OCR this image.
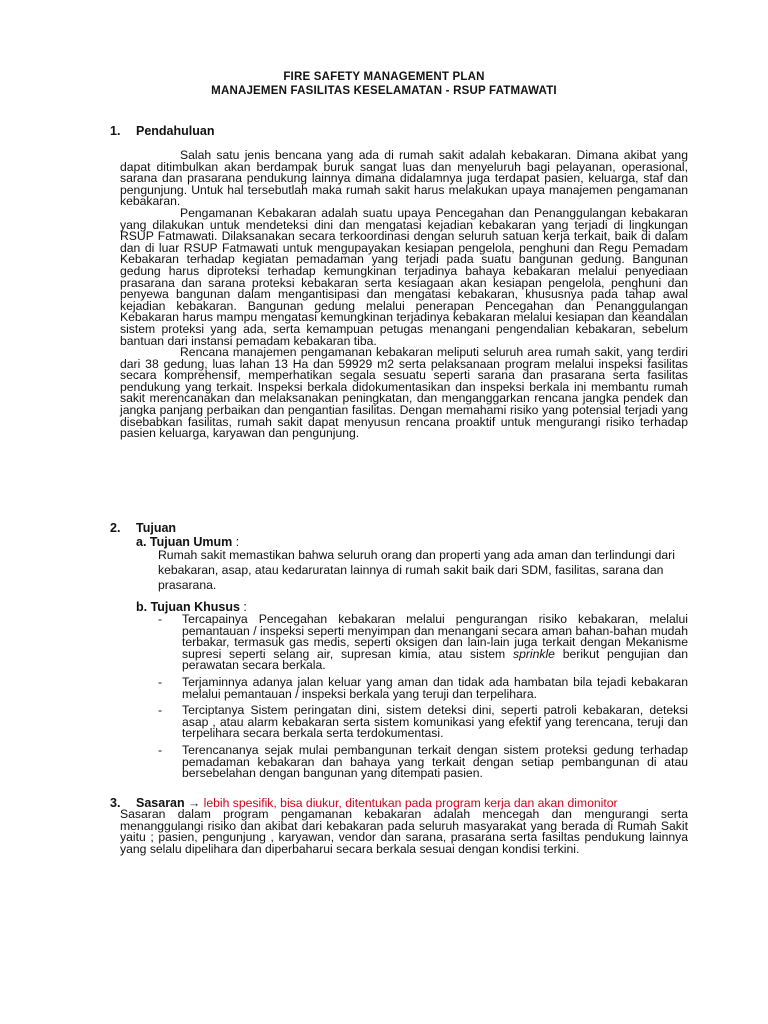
FIRE SAFETY MANAGEMENT PLAN
MANAJEMEN FASILITAS KESELAMATAN - RSUP FATMAWATI
1. Pendahuluan

Salah satu jenis bencana yang ada di rumah sakit adalah kebakaran. Dimana akibat yang dapat ditimbulkan akan berdampak buruk sangat luas dan menyeluruh bagi pelayanan, operasional, sarana dan prasarana pendukung lainnya dimana didalamnya juga terdapat pasien, keluarga, staf dan pengunjung. Untuk hal tersebutlah maka rumah sakit harus melakukan upaya manajemen pengamanan kebakaran.

Pengamanan Kebakaran adalah suatu upaya Pencegahan dan Penanggulangan kebakaran yang dilakukan untuk mendeteksi dini dan mengatasi kejadian kebakaran yang terjadi di lingkungan RSUP Fatmawati. Dilaksanakan secara terkoordinasi dengan seluruh satuan kerja terkait, baik di dalam dan di luar RSUP Fatmawati untuk mengupayakan kesiapan pengelola, penghuni dan Regu Pemadam Kebakaran terhadap kegiatan pemadaman yang terjadi pada suatu bangunan gedung. Bangunan gedung harus diproteksi terhadap kemungkinan terjadinya bahaya kebakaran melalui penyediaan prasarana dan sarana proteksi kebakaran serta kesiagaan akan kesiapan pengelola, penghuni dan penyewa bangunan dalam mengantisipasi dan mengatasi kebakaran, khususnya pada tahap awal kejadian kebakaran. Bangunan gedung melalui penerapan Pencegahan dan Penanggulangan Kebakaran harus mampu mengatasi kemungkinan terjadinya kebakaran melalui kesiapan dan keandalan sistem proteksi yang ada, serta kemampuan petugas menangani pengendalian kebakaran, sebelum bantuan dari instansi pemadam kebakaran tiba.

Rencana manajemen pengamanan kebakaran meliputi seluruh area rumah sakit, yang terdiri dari 38 gedung, luas lahan 13 Ha dan 59929 m2 serta pelaksanaan program melalui inspeksi fasilitas secara komprehensif, memperhatikan segala sesuatu seperti sarana dan prasarana serta fasilitas pendukung yang terkait. Inspeksi berkala didokumentasikan dan inspeksi berkala ini membantu rumah sakit merencanakan dan melaksanakan peningkatan, dan menganggarkan rencana jangka pendek dan jangka panjang perbaikan dan pengantian fasilitas. Dengan memahami risiko yang potensial terjadi yang disebabkan fasilitas, rumah sakit dapat menyusun rencana proaktif untuk mengurangi risiko terhadap pasien keluarga, karyawan dan pengunjung.

2. Tujuan
a. Tujuan Umum :
Rumah sakit memastikan bahwa seluruh orang dan properti yang ada aman dan terlindungi dari kebakaran, asap, atau kedaruratan lainnya di rumah sakit baik dari SDM, fasilitas, sarana dan prasarana.
b. Tujuan Khusus :
- Tercapainya Pencegahan kebakaran melalui pengurangan risiko kebakaran, melalui pemantauan / inspeksi seperti menyimpan dan menangani secara aman bahan-bahan mudah terbakar, termasuk gas medis, seperti oksigen dan lain-lain juga terkait dengan Mekanisme supresi seperti selang air, supresan kimia, atau sistem sprinkle berikut pengujian dan perawatan secara berkala.
- Terjaminnya adanya jalan keluar yang aman dan tidak ada hambatan bila tejadi kebakaran melalui pemantauan / inspeksi berkala yang teruji dan terpelihara.
- Terciptanya Sistem peringatan dini, sistem deteksi dini, seperti patroli kebakaran, deteksi asap , atau alarm kebakaran serta sistem komunikasi yang efektif yang terencana, teruji dan terpelihara secara berkala serta terdokumentasi.
- Terencananya sejak mulai pembangunan terkait dengan sistem proteksi gedung terhadap pemadaman kebakaran dan bahaya yang terkait dengan setiap pembangunan di atau bersebelahan dengan bangunan yang ditempati pasien.
3. Sasaran → lebih spesifik, bisa diukur, ditentukan pada program kerja dan akan dimonitor
Sasaran dalam program pengamanan kebakaran adalah mencegah dan mengurangi serta menanggulangi risiko dan akibat dari kebakaran pada seluruh masyarakat yang berada di Rumah Sakit yaitu ; pasien, pengunjung , karyawan, vendor dan sarana, prasarana serta fasiltas pendukung lainnya yang selalu dipelihara dan diperbaharui secara berkala sesuai dengan kondisi terkini.
